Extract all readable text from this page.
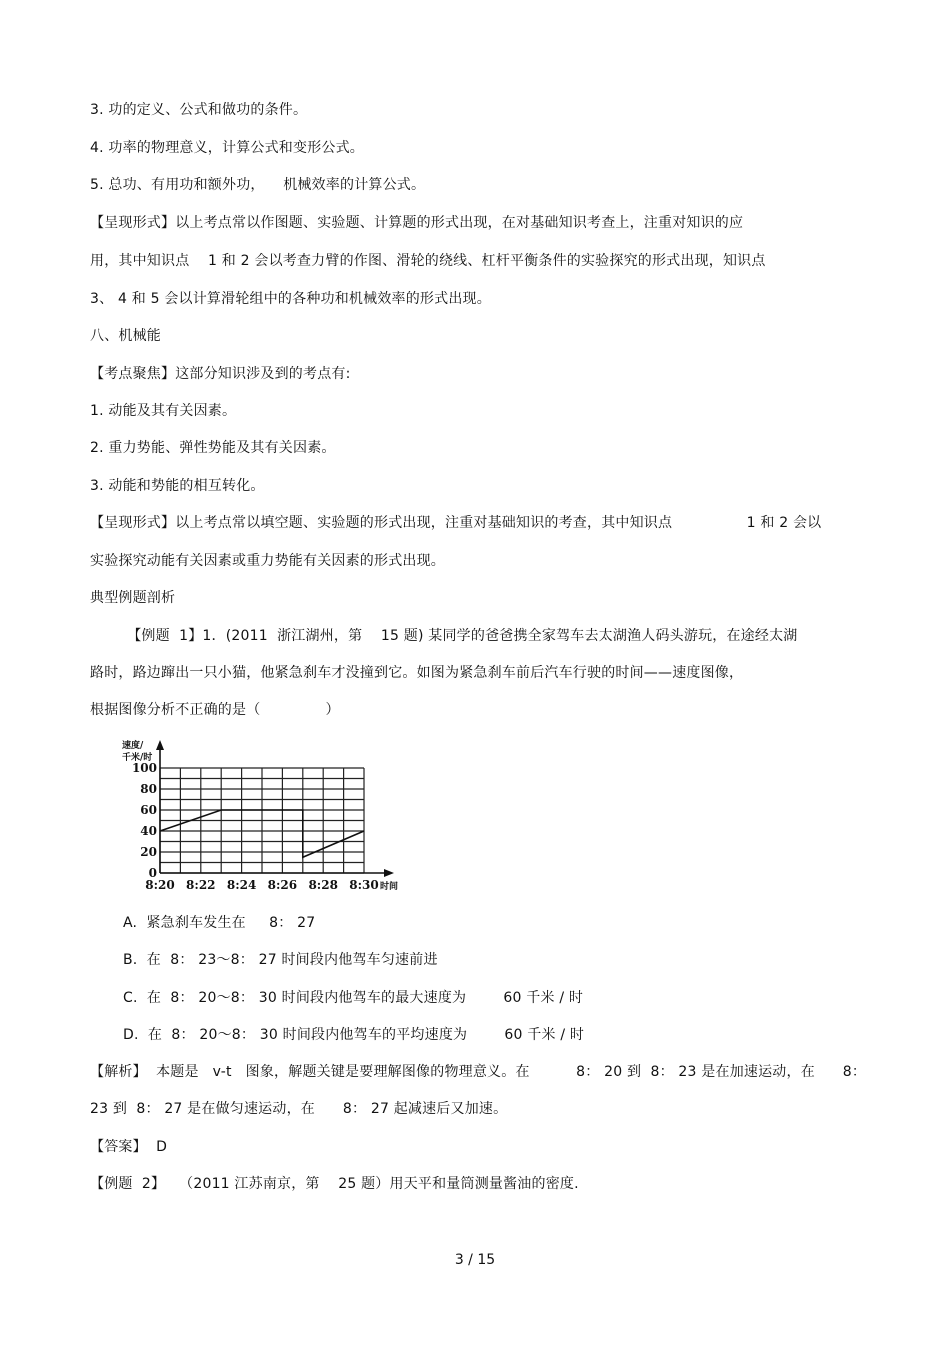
3. 功的定义、公式和做功的条件。
4. 功率的物理意义，计算公式和变形公式。
5. 总功、有用功和额外功，    机械效率的计算公式。
【呈现形式】以上考点常以作图题、实验题、计算题的形式出现，在对基础知识考查上，注重对知识的应
用，其中知识点    1 和 2 会以考查力臂的作图、滑轮的绕线、杠杆平衡条件的实验探究的形式出现，知识点
3、 4 和 5 会以计算滑轮组中的各种功和机械效率的形式出现。
八、机械能
【考点聚焦】这部分知识涉及到的考点有:
1. 动能及其有关因素。
2. 重力势能、弹性势能及其有关因素。
3. 动能和势能的相互转化。
【呈现形式】以上考点常以填空题、实验题的形式出现，注重对基础知识的考查，其中知识点                1 和 2 会以
实验探究动能有关因素或重力势能有关因素的形式出现。
典型例题剖析
【例题  1】1．(2011  浙江湖州，第    15 题) 某同学的爸爸携全家驾车去太湖渔人码头游玩，在途经太湖
路时，路边蹿出一只小猫，他紧急刹车才没撞到它。如图为紧急刹车前后汽车行驶的时间——速度图像，
根据图像分析不正确的是（              ）
0
20
40
60
80
100
8:20 8:22 8:24 8:26 8:28 8:30
速度/
千米/时
时间
A.  紧急刹车发生在     8： 27
B.  在  8： 23～8： 27 时间段内他驾车匀速前进
C.  在  8： 20～8： 30 时间段内他驾车的最大速度为        60 千米 / 时
D.  在  8： 20～8： 30 时间段内他驾车的平均速度为        60 千米 / 时
【解析】  本题是   v-t   图象，解题关键是要理解图像的物理意义。在          8： 20 到  8： 23 是在加速运动，在      8：
23 到  8： 27 是在做匀速运动，在      8： 27 起减速后又加速。
【答案】  D
【例题  2】   （2011 江苏南京，第    25 题）用天平和量筒测量酱油的密度.
3 / 15
